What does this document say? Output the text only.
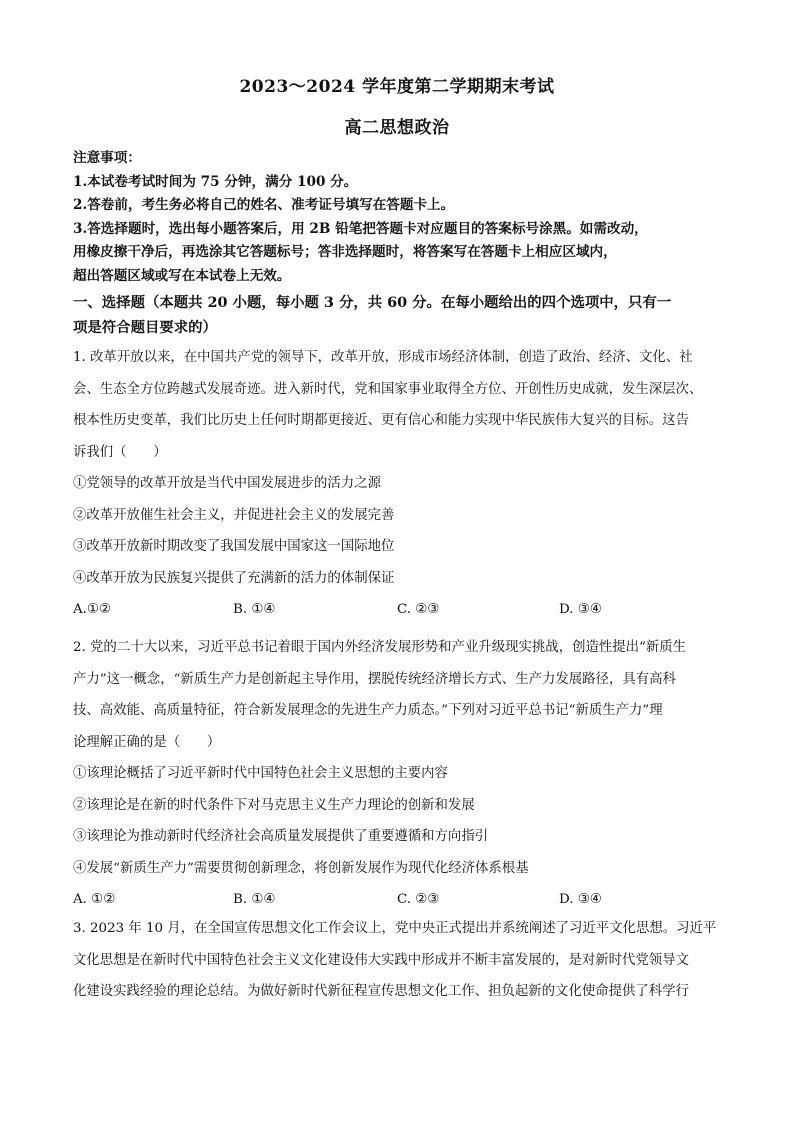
2023～2024 学年度第二学期期末考试
高二思想政治

注意事项：

1.本试卷考试时间为 75 分钟，满分 100 分。

2.答卷前，考生务必将自己的姓名、准考证号填写在答题卡上。

3.答选择题时，选出每小题答案后，用 2B 铅笔把答题卡对应题目的答案标号涂黑。如需改动，

用橡皮擦干净后，再选涂其它答题标号；答非选择题时，将答案写在答题卡上相应区域内，

超出答题区域或写在本试卷上无效。

一、选择题（本题共 20 小题，每小题 3 分，共 60 分。在每小题给出的四个选项中，只有一
项是符合题目要求的）

1. 改革开放以来，在中国共产党的领导下，改革开放，形成市场经济体制，创造了政治、经济、文化、社

会、生态全方位跨越式发展奇迹。进入新时代，党和国家事业取得全方位、开创性历史成就，发生深层次、

根本性历史变革，我们比历史上任何时期都更接近、更有信心和能力实现中华民族伟大复兴的目标。这告

诉我们（　　）

①党领导的改革开放是当代中国发展进步的活力之源

②改革开放催生社会主义，并促进社会主义的发展完善

③改革开放新时期改变了我国发展中国家这一国际地位

④改革开放为民族复兴提供了充满新的活力的体制保证

A.①②	B. ①④	C. ②③	D. ③④

2. 党的二十大以来，习近平总书记着眼于国内外经济发展形势和产业升级现实挑战，创造性提出“新质生

产力”这一概念，“新质生产力是创新起主导作用，摆脱传统经济增长方式、生产力发展路径，具有高科

技、高效能、高质量特征，符合新发展理念的先进生产力质态。”下列对习近平总书记“新质生产力”理

论理解正确的是（　　）

①该理论概括了习近平新时代中国特色社会主义思想的主要内容

②该理论是在新的时代条件下对马克思主义生产力理论的创新和发展

③该理论为推动新时代经济社会高质量发展提供了重要遵循和方向指引

④发展“新质生产力”需要贯彻创新理念，将创新发展作为现代化经济体系根基

A. ①②	B. ①④	C. ②③	D. ③④

3. 2023 年 10 月，在全国宣传思想文化工作会议上，党中央正式提出并系统阐述了习近平文化思想。习近平

文化思想是在新时代中国特色社会主义文化建设伟大实践中形成并不断丰富发展的，是对新时代党领导文

化建设实践经验的理论总结。为做好新时代新征程宣传思想文化工作、担负起新的文化使命提供了科学行
